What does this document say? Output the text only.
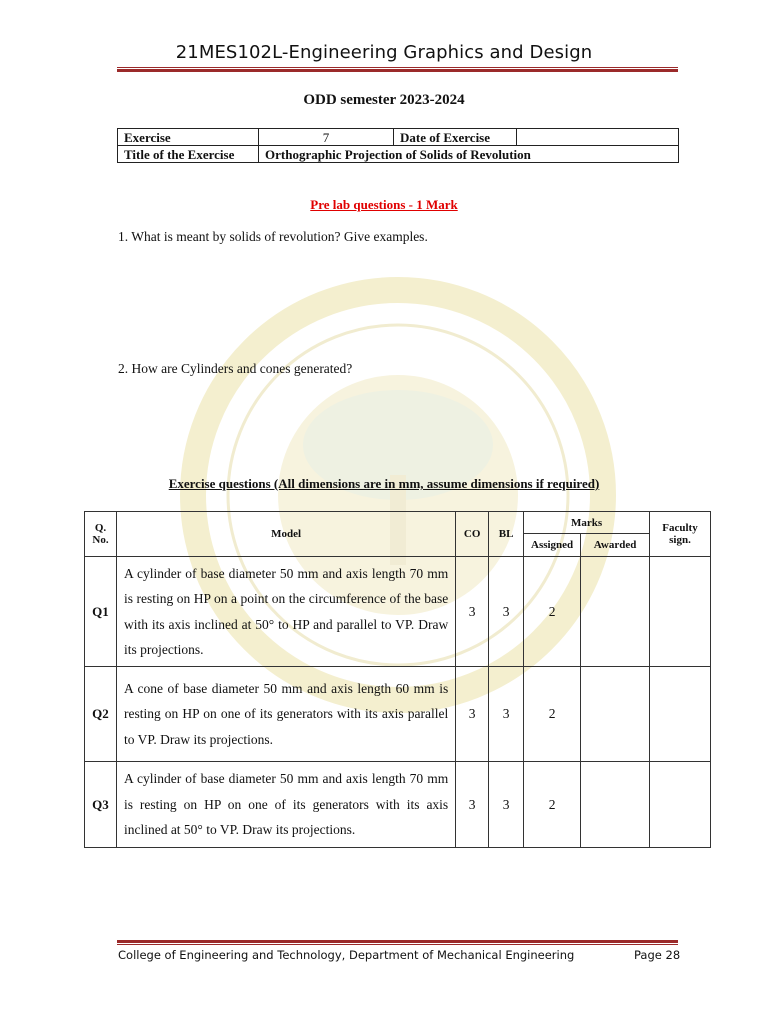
21MES102L-Engineering Graphics and Design
ODD semester 2023-2024
Exercise	7	Date of Exercise	
Title of the Exercise	Orthographic Projection of Solids of Revolution		
Pre lab questions - 1 Mark
1. What is meant by solids of revolution? Give examples.
2. How are Cylinders and cones generated?
Exercise questions (All dimensions are in mm, assume dimensions if required)
Q. No.	Model	CO	BL	Marks		Faculty sign.
				Assigned	Awarded	
Q1	A cylinder of base diameter 50 mm and axis length 70 mm is resting on HP on a point on the circumference of the base with its axis inclined at 50° to HP and parallel to VP. Draw its projections.	3	3	2		
Q2	A cone of base diameter 50 mm and axis length 60 mm is resting on HP on one of its generators with its axis parallel to VP. Draw its projections.	3	3	2		
Q3	A cylinder of base diameter 50 mm and axis length 70 mm is resting on HP on one of its generators with its axis inclined at 50° to VP. Draw its projections.	3	3	2		
College of Engineering and Technology, Department of Mechanical Engineering	Page 28
